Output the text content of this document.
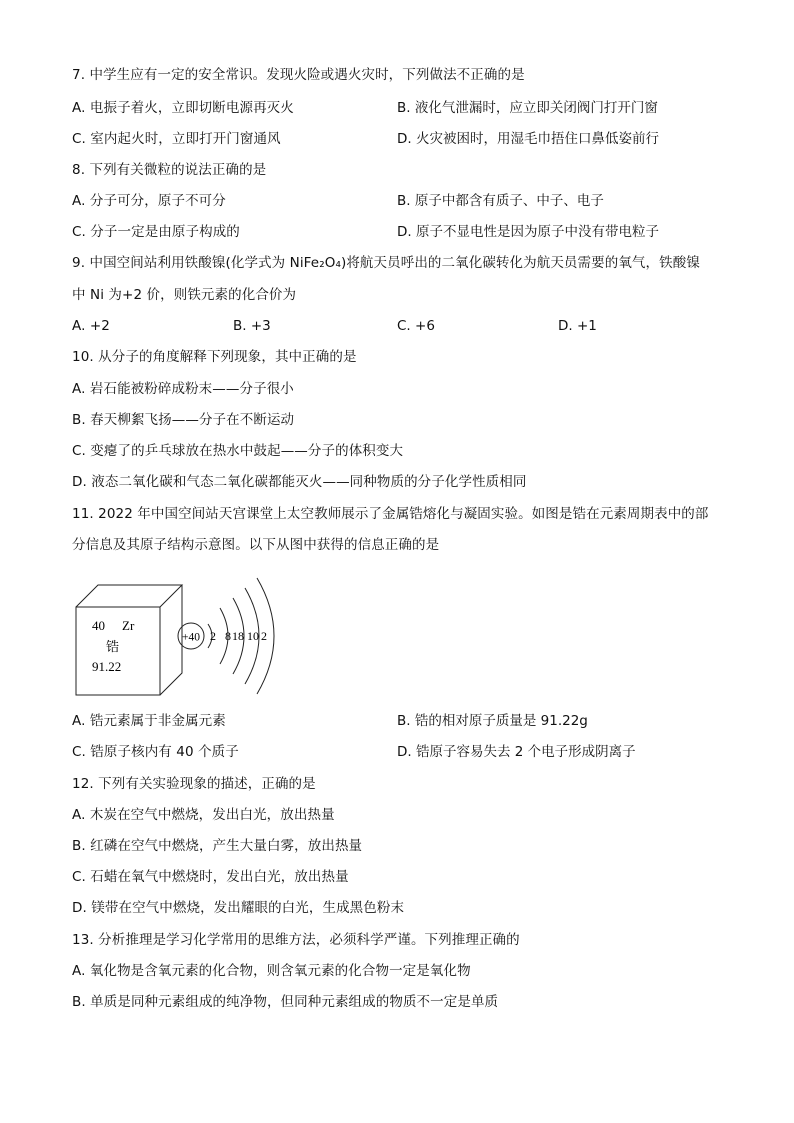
7. 中学生应有一定的安全常识。发现火险或遇火灾时，下列做法不正确的是
A. 电振子着火，立即切断电源再灭火	B. 液化气泄漏时，应立即关闭阀门打开门窗
C. 室内起火时，立即打开门窗通风	D. 火灾被困时，用湿毛巾捂住口鼻低姿前行
8. 下列有关微粒的说法正确的是
A. 分子可分，原子不可分	B. 原子中都含有质子、中子、电子
C. 分子一定是由原子构成的	D. 原子不显电性是因为原子中没有带电粒子
9. 中国空间站利用铁酸镍(化学式为 NiFe₂O₄)将航天员呼出的二氧化碳转化为航天员需要的氧气，铁酸镍
中 Ni 为+2 价，则铁元素的化合价为
A. +2	B. +3	C. +6	D. +1
10. 从分子的角度解释下列现象，其中正确的是
A. 岩石能被粉碎成粉末——分子很小
B. 春天柳絮飞扬——分子在不断运动
C. 变瘪了的乒乓球放在热水中鼓起——分子的体积变大
D. 液态二氧化碳和气态二氧化碳都能灭火——同种物质的分子化学性质相同
11. 2022 年中国空间站天宫课堂上太空教师展示了金属锆熔化与凝固实验。如图是锆在元素周期表中的部
分信息及其原子结构示意图。以下从图中获得的信息正确的是
40 Zr
锆
91.22
+40 2 8 18 10 2
A. 锆元素属于非金属元素	B. 锆的相对原子质量是 91.22g
C. 锆原子核内有 40 个质子	D. 锆原子容易失去 2 个电子形成阴离子
12. 下列有关实验现象的描述，正确的是
A. 木炭在空气中燃烧，发出白光，放出热量
B. 红磷在空气中燃烧，产生大量白雾，放出热量
C. 石蜡在氧气中燃烧时，发出白光，放出热量
D. 镁带在空气中燃烧，发出耀眼的白光，生成黑色粉末
13. 分析推理是学习化学常用的思维方法，必须科学严谨。下列推理正确的
A. 氧化物是含氧元素的化合物，则含氧元素的化合物一定是氧化物
B. 单质是同种元素组成的纯净物，但同种元素组成的物质不一定是单质
